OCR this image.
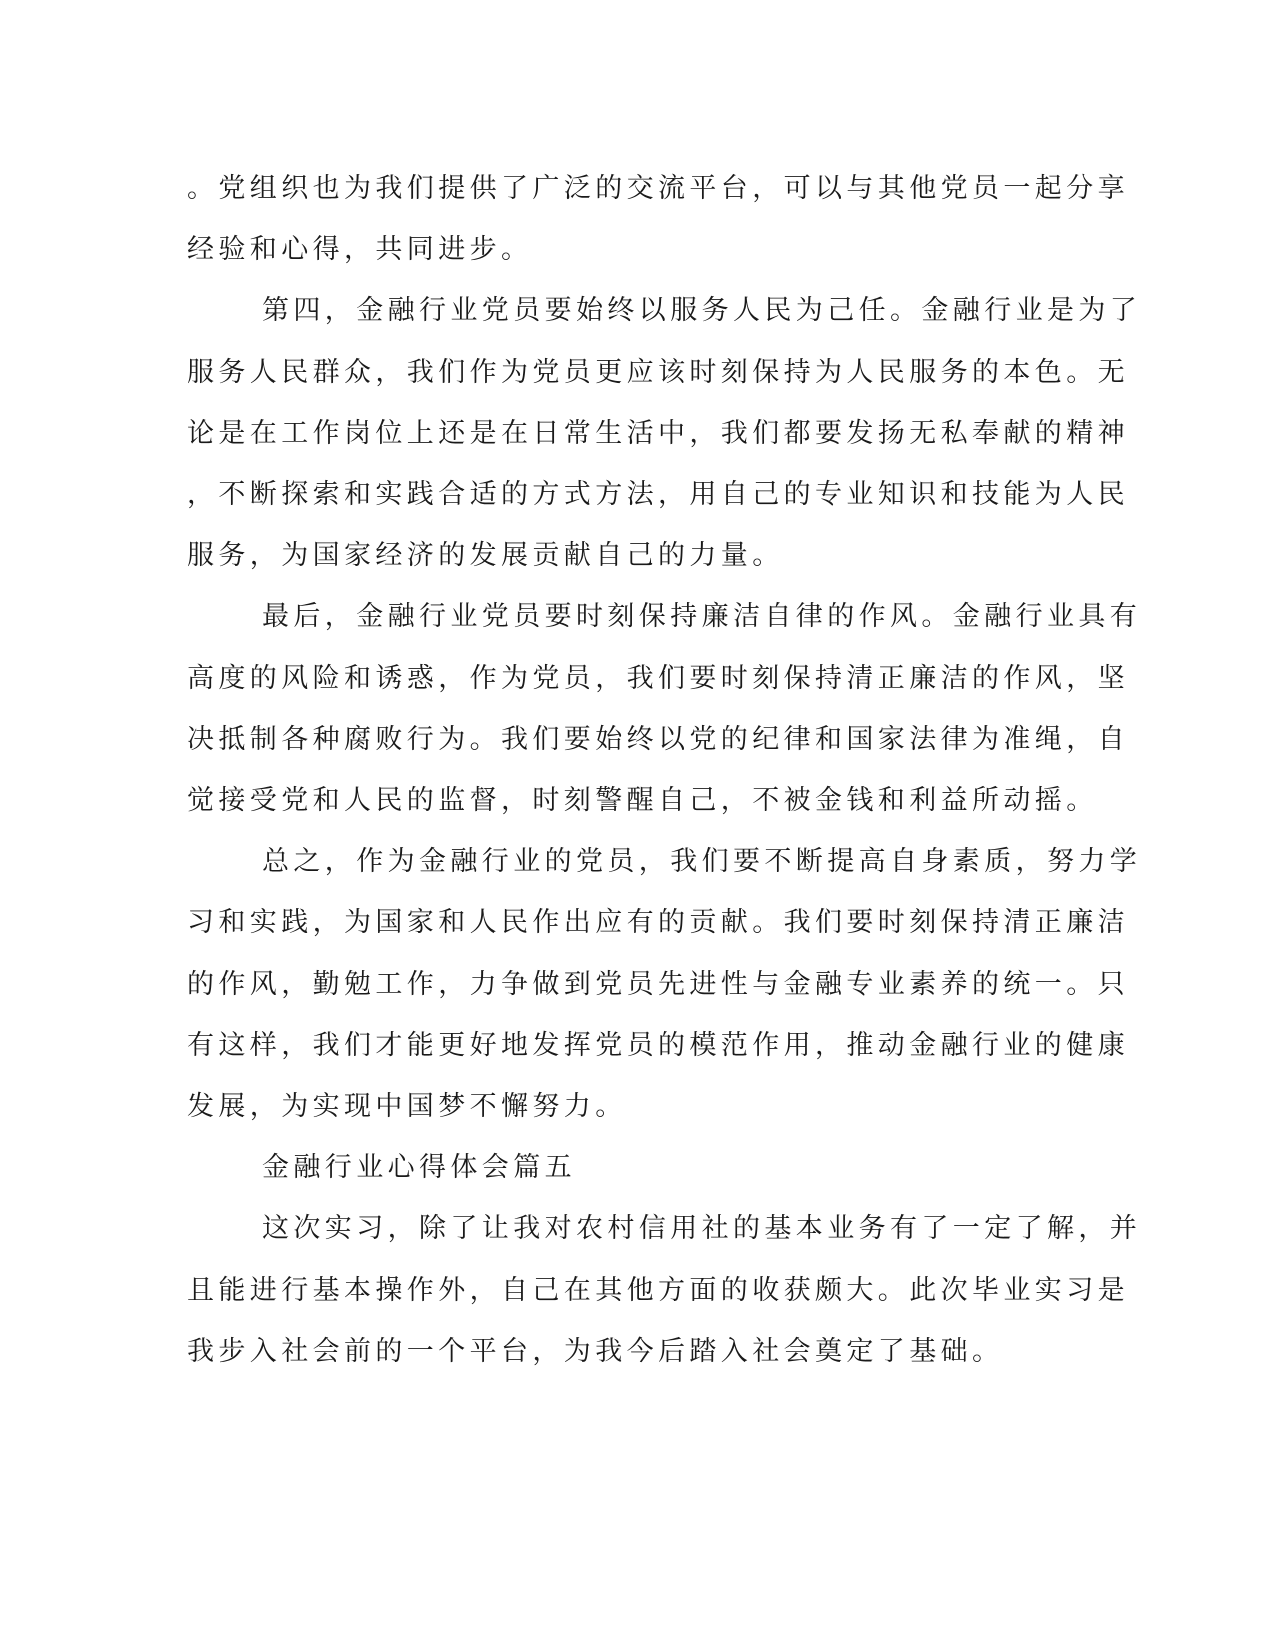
。党组织也为我们提供了广泛的交流平台，可以与其他党员一起分享
经验和心得，共同进步。
第四，金融行业党员要始终以服务人民为己任。金融行业是为了
服务人民群众，我们作为党员更应该时刻保持为人民服务的本色。无
论是在工作岗位上还是在日常生活中，我们都要发扬无私奉献的精神
，不断探索和实践合适的方式方法，用自己的专业知识和技能为人民
服务，为国家经济的发展贡献自己的力量。
最后，金融行业党员要时刻保持廉洁自律的作风。金融行业具有
高度的风险和诱惑，作为党员，我们要时刻保持清正廉洁的作风，坚
决抵制各种腐败行为。我们要始终以党的纪律和国家法律为准绳，自
觉接受党和人民的监督，时刻警醒自己，不被金钱和利益所动摇。
总之，作为金融行业的党员，我们要不断提高自身素质，努力学
习和实践，为国家和人民作出应有的贡献。我们要时刻保持清正廉洁
的作风，勤勉工作，力争做到党员先进性与金融专业素养的统一。只
有这样，我们才能更好地发挥党员的模范作用，推动金融行业的健康
发展，为实现中国梦不懈努力。
金融行业心得体会篇五
这次实习，除了让我对农村信用社的基本业务有了一定了解，并
且能进行基本操作外，自己在其他方面的收获颇大。此次毕业实习是
我步入社会前的一个平台，为我今后踏入社会奠定了基础。
